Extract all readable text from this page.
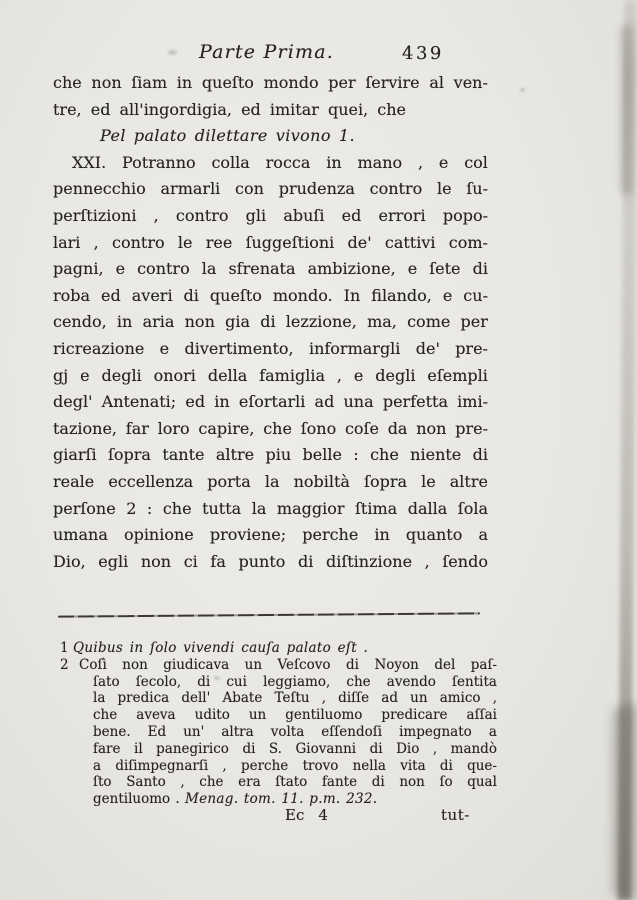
Parte Prima.	439
che non ſiam in queſto mondo per ſervire al ven-
tre, ed all'ingordigia, ed imitar quei, che
Pel palato dilettare vivono 1.
XXI. Potranno colla rocca in mano , e col
pennecchio armarli con prudenza contro le ſu-
perſtizioni , contro gli abuſi ed errori popo-
lari , contro le ree ſuggeſtioni de' cattivi com-
pagni, e contro la sfrenata ambizione, e ſete di
roba ed averi di queſto mondo. In filando, e cu-
cendo, in aria non gia di lezzione, ma, come per
ricreazione e divertimento, informargli de' pre-
gj e degli onori della famiglia , e degli eſempli
degl' Antenati; ed in eſortarli ad una perfetta imi-
tazione, far loro capire, che ſono coſe da non pre-
giarſi ſopra tante altre piu belle : che niente di
reale eccellenza porta la nobiltà ſopra le altre
perſone 2 : che tutta la maggior ſtima dalla ſola
umana opinione proviene; perche in quanto a
Dio, egli non ci fa punto di diſtinzione , ſendo
1 Quibus in ſolo vivendi cauſa palato eſt .
2 Coſì non giudicava un Veſcovo di Noyon del paſ-
ſato ſecolo, di cui leggiamo, che avendo ſentita
la predica dell' Abate Teſtu , diſſe ad un amico ,
che aveva udito un gentiluomo predicare aſſai
bene. Ed un' altra volta eſſendoſi impegnato a
fare il panegirico di S. Giovanni di Dio , mandò
a diſimpegnarſi , perche trovo nella vita di que-
ſto Santo , che era ſtato fante di non ſo qual
gentiluomo . Menag. tom. 11. p.m. 232.
Ec 4	tut-
